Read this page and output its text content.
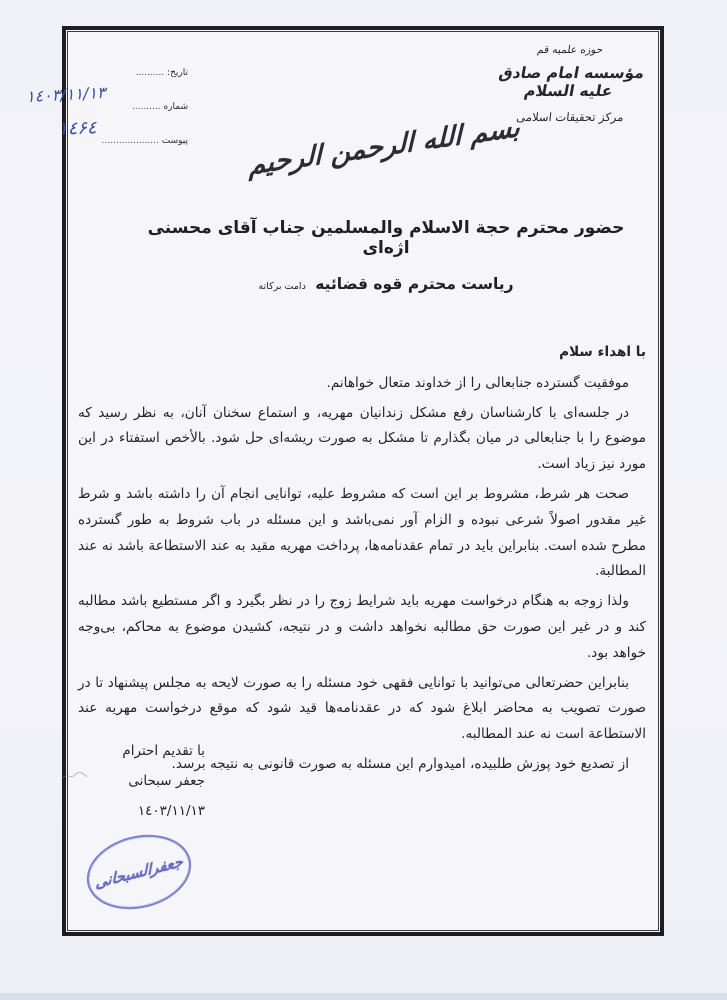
تاریخ: ..........
شماره ..........
پیوست ....................
١٤٠٣/١١/١٣
١٤۶٤
حوزه علمیه قم
مؤسسه امام صادق علیه السلام
مرکز تحقیقات اسلامی
بسم الله الرحمن الرحیم
حضور محترم حجة الاسلام والمسلمین جناب آقای محسنی اژه‌ای
ریاست محترم قوه قضائیه دامت برکاته
با اهداء سلام

موفقیت گسترده جنابعالی را از خداوند متعال خواهانم.

در جلسه‌ای با کارشناسان رفع مشکل زندانیان مهریه، و استماع سخنان آنان، به نظر رسید که موضوع را با جنابعالی در میان بگذارم تا مشکل به صورت ریشه‌ای حل شود. بالأخص استفتاء در این مورد نیز زیاد است.

صحت هر شرط، مشروط بر این است که مشروط علیه، توانایی انجام آن را داشته باشد و شرط غیر مقدور اصولاً شرعی نبوده و الزام آور نمی‌باشد و این مسئله در باب شروط به طور گسترده مطرح شده است. بنابراین باید در تمام عقدنامه‌ها، پرداخت مهریه مقید به عند الاستطاعة باشد نه عند المطالبة.

ولذا زوجه به هنگام درخواست مهریه باید شرایط زوج را در نظر بگیرد و اگر مستطیع باشد مطالبه کند و در غیر این صورت حق مطالبه نخواهد داشت و در نتیجه، کشیدن موضوع به محاکم، بی‌وجه خواهد بود.

بنابراین حضرتعالی می‌توانید با توانایی فقهی خود مسئله را به صورت لایحه به مجلس پیشنهاد تا در صورت تصویب به محاضر ابلاغ شود که در عقدنامه‌ها قید شود که موقع درخواست مهریه عند الاستطاعة است نه عند المطالبه.

از تصدیع خود پوزش طلبیده، امیدوارم این مسئله به صورت قانونی به نتیجه برسد.

با تقدیم احترام
جعفر سبحانی
١٤٠٣/١١/١٣
جعفرالسبحانی
